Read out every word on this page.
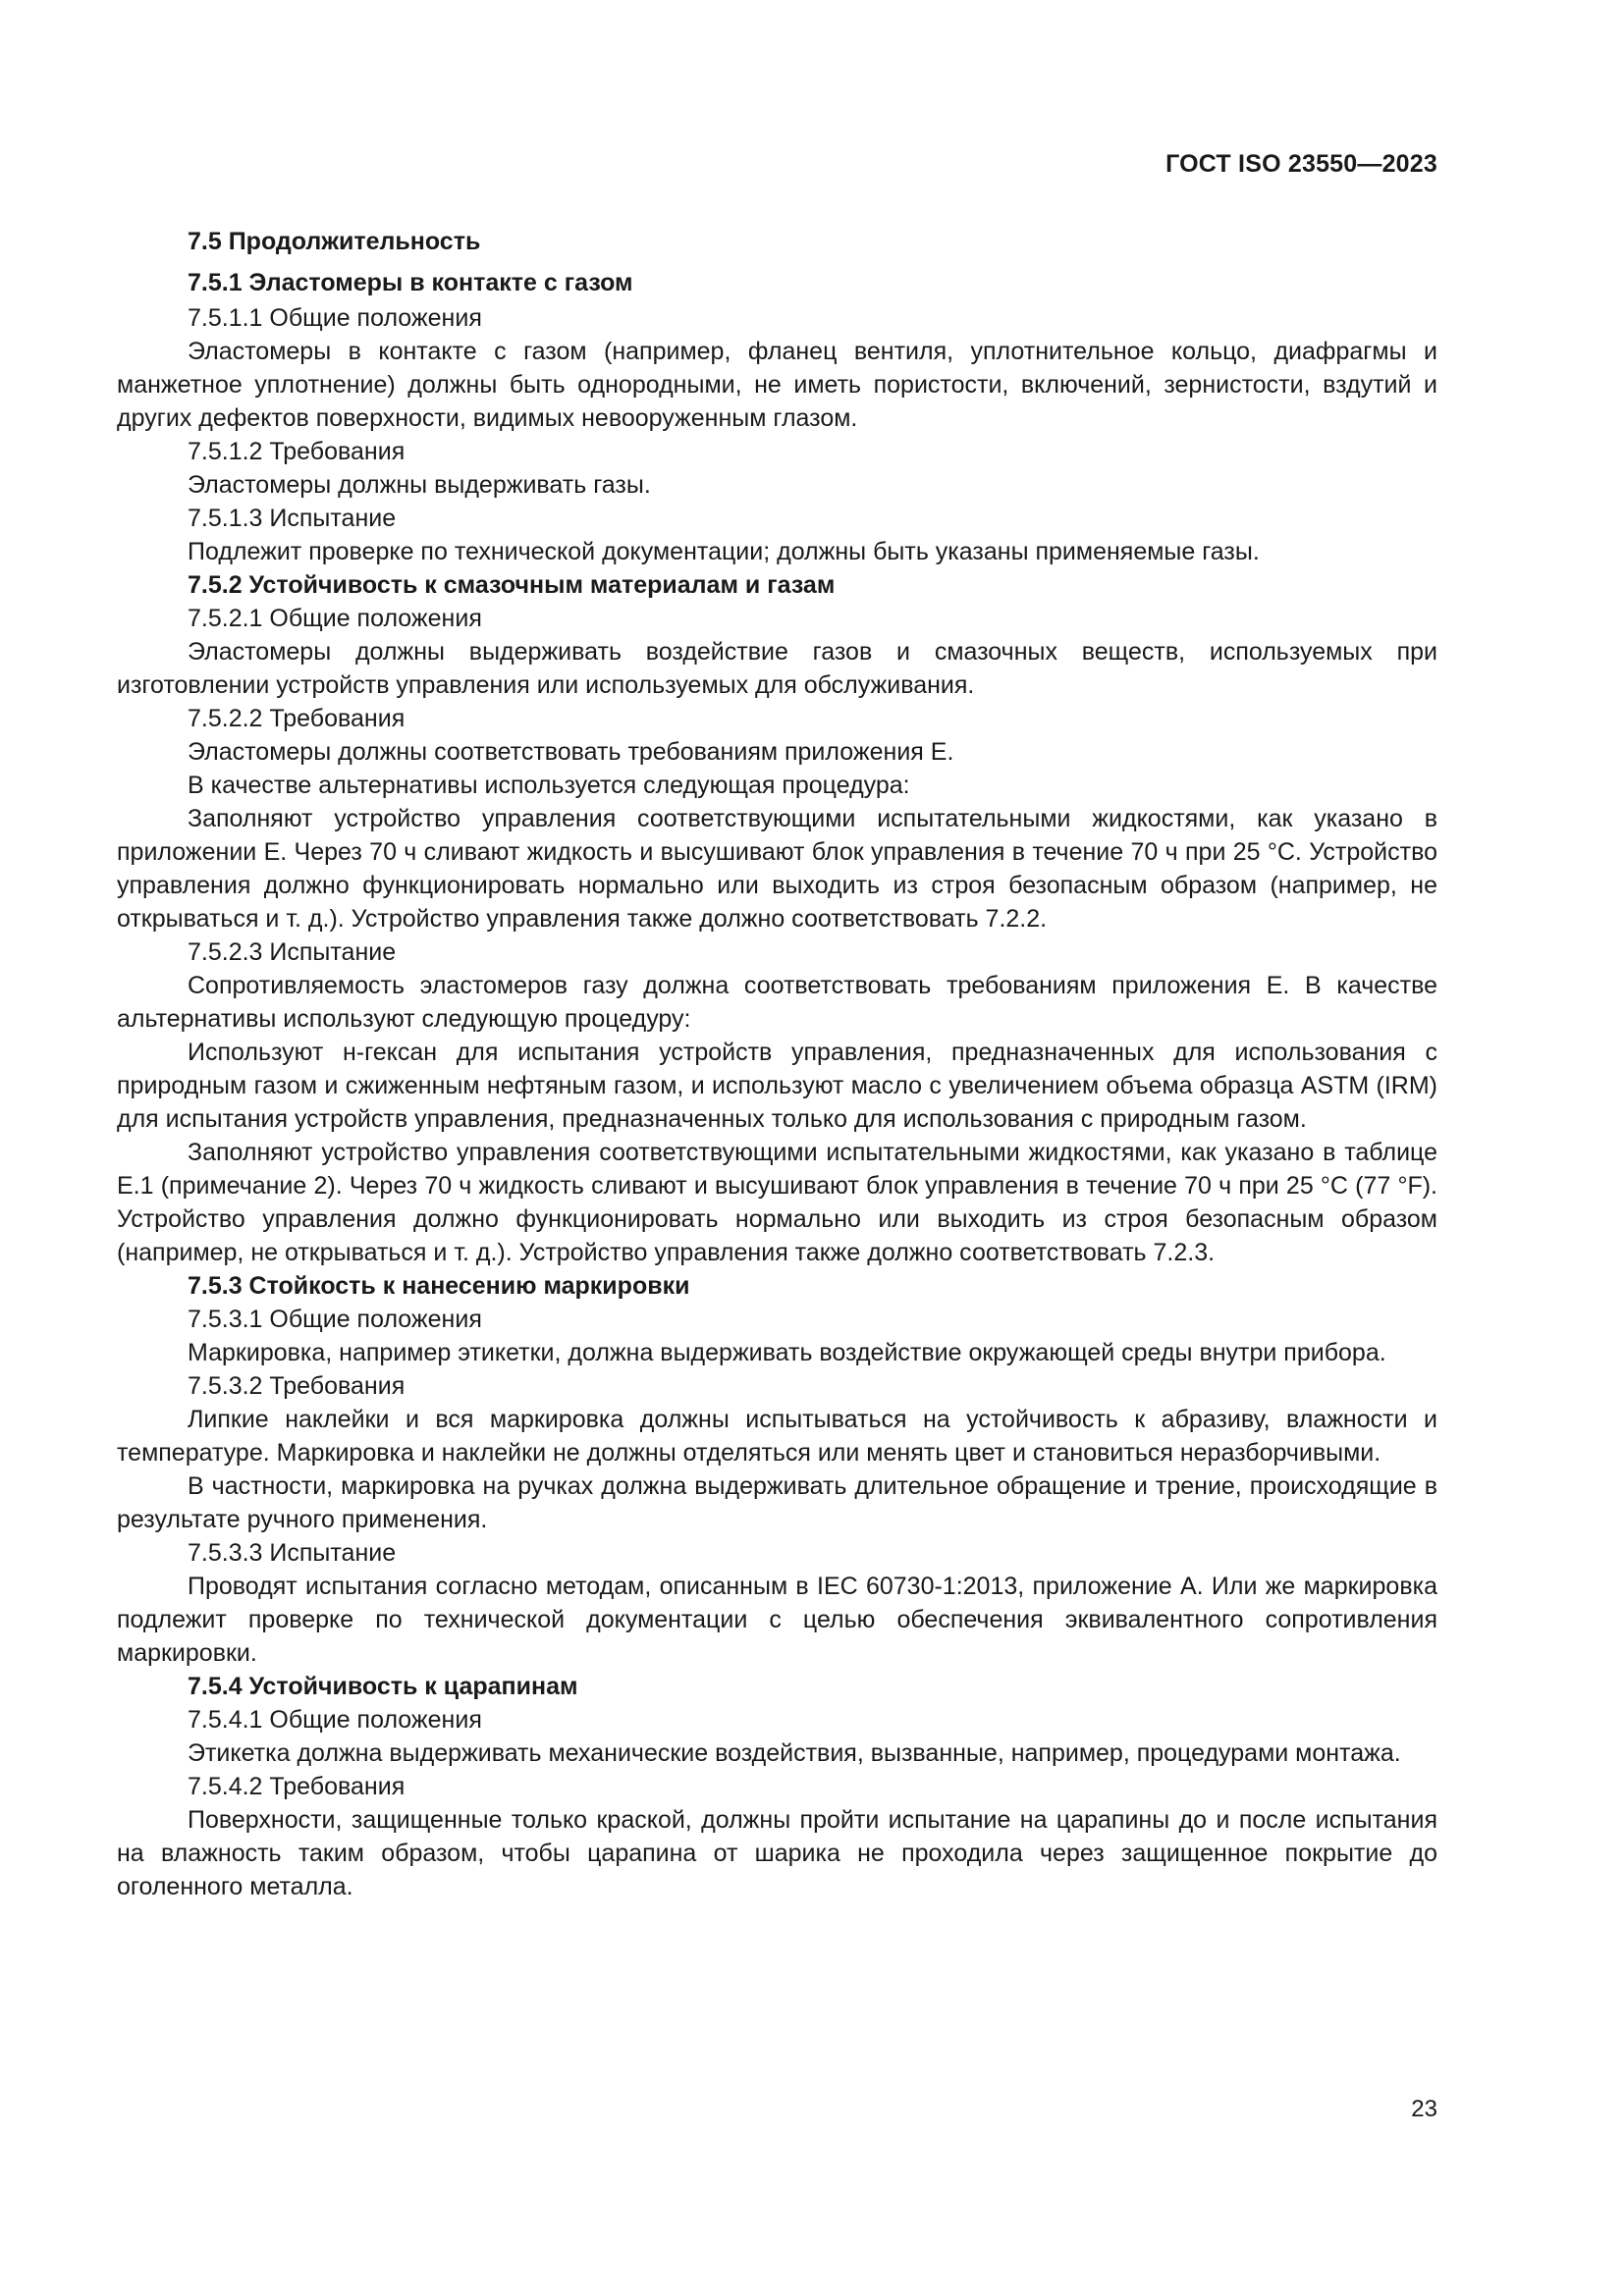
ГОСТ ISO 23550—2023

7.5 Продолжительность

7.5.1 Эластомеры в контакте с газом

7.5.1.1 Общие положения

Эластомеры в контакте с газом (например, фланец вентиля, уплотнительное кольцо, диафрагмы и манжетное уплотнение) должны быть однородными, не иметь пористости, включений, зернистости, вздутий и других дефектов поверхности, видимых невооруженным глазом.

7.5.1.2 Требования

Эластомеры должны выдерживать газы.

7.5.1.3 Испытание

Подлежит проверке по технической документации; должны быть указаны применяемые газы.

7.5.2 Устойчивость к смазочным материалам и газам

7.5.2.1 Общие положения

Эластомеры должны выдерживать воздействие газов и смазочных веществ, используемых при изготовлении устройств управления или используемых для обслуживания.

7.5.2.2 Требования

Эластомеры должны соответствовать требованиям приложения Е.

В качестве альтернативы используется следующая процедура:

Заполняют устройство управления соответствующими испытательными жидкостями, как указано в приложении Е. Через 70 ч сливают жидкость и высушивают блок управления в течение 70 ч при 25 °С. Устройство управления должно функционировать нормально или выходить из строя безопасным образом (например, не открываться и т. д.). Устройство управления также должно соответствовать 7.2.2.

7.5.2.3 Испытание

Сопротивляемость эластомеров газу должна соответствовать требованиям приложения Е. В качестве альтернативы используют следующую процедуру:

Используют н-гексан для испытания устройств управления, предназначенных для использования с природным газом и сжиженным нефтяным газом, и используют масло с увеличением объема образца ASTM (IRM) для испытания устройств управления, предназначенных только для использования с природным газом.

Заполняют устройство управления соответствующими испытательными жидкостями, как указано в таблице Е.1 (примечание 2). Через 70 ч жидкость сливают и высушивают блок управления в течение 70 ч при 25 °С (77 °F). Устройство управления должно функционировать нормально или выходить из строя безопасным образом (например, не открываться и т. д.). Устройство управления также должно соответствовать 7.2.3.

7.5.3 Стойкость к нанесению маркировки

7.5.3.1 Общие положения

Маркировка, например этикетки, должна выдерживать воздействие окружающей среды внутри прибора.

7.5.3.2 Требования

Липкие наклейки и вся маркировка должны испытываться на устойчивость к абразиву, влажности и температуре. Маркировка и наклейки не должны отделяться или менять цвет и становиться неразборчивыми.

В частности, маркировка на ручках должна выдерживать длительное обращение и трение, происходящие в результате ручного применения.

7.5.3.3 Испытание

Проводят испытания согласно методам, описанным в IEC 60730-1:2013, приложение А. Или же маркировка подлежит проверке по технической документации с целью обеспечения эквивалентного сопротивления маркировки.

7.5.4 Устойчивость к царапинам

7.5.4.1 Общие положения

Этикетка должна выдерживать механические воздействия, вызванные, например, процедурами монтажа.

7.5.4.2 Требования

Поверхности, защищенные только краской, должны пройти испытание на царапины до и после испытания на влажность таким образом, чтобы царапина от шарика не проходила через защищенное покрытие до оголенного металла.

23
